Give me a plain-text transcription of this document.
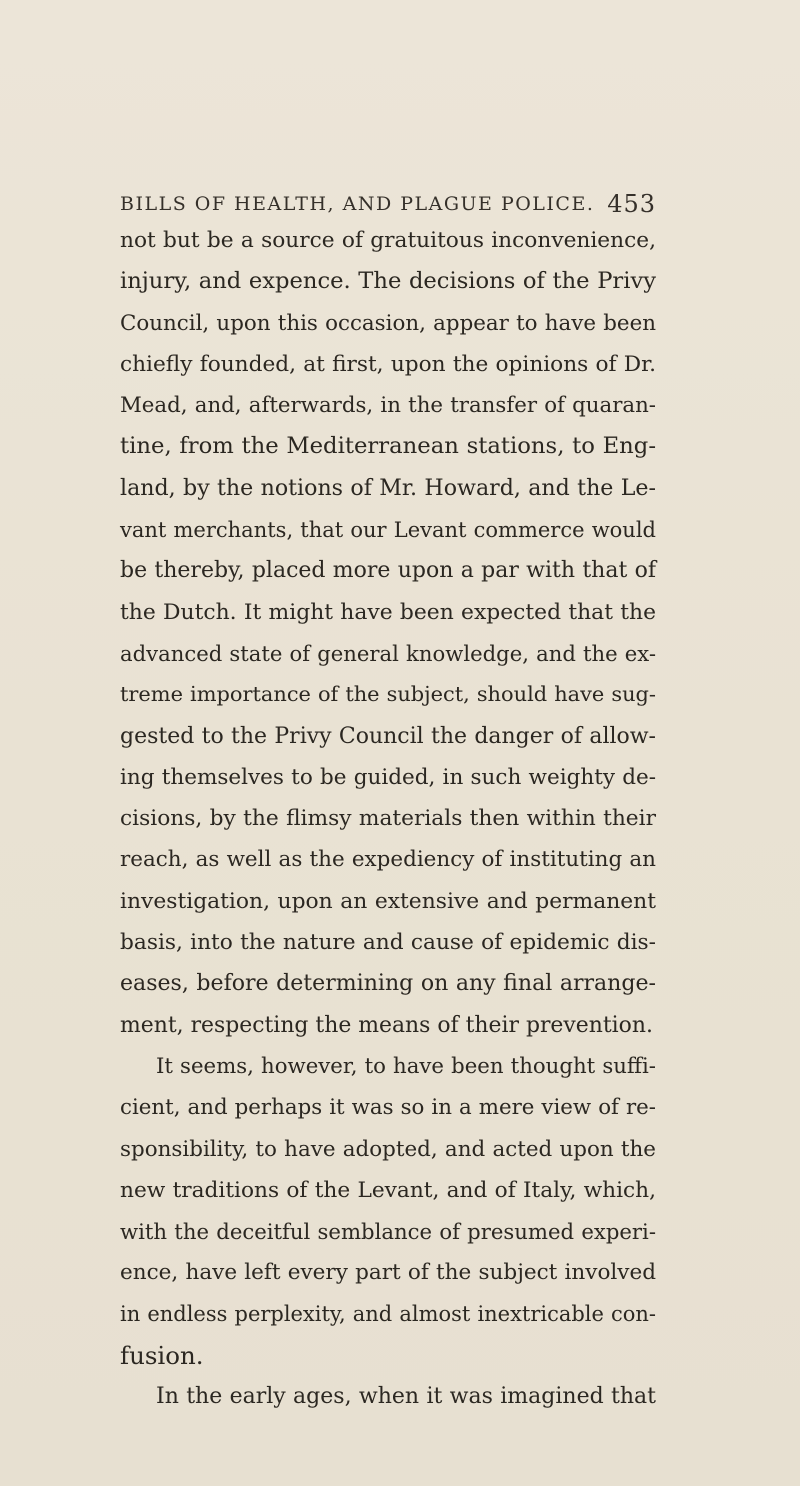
BILLS OF HEALTH, AND PLAGUE POLICE. 453
not but be a source of gratuitous inconvenience,
injury, and expence. The decisions of the Privy
Council, upon this occasion, appear to have been
chiefly founded, at first, upon the opinions of Dr.
Mead, and, afterwards, in the transfer of quaran-
tine, from the Mediterranean stations, to Eng-
land, by the notions of Mr. Howard, and the Le-
vant merchants, that our Levant commerce would
be thereby, placed more upon a par with that of
the Dutch. It might have been expected that the
advanced state of general knowledge, and the ex-
treme importance of the subject, should have sug-
gested to the Privy Council the danger of allow-
ing themselves to be guided, in such weighty de-
cisions, by the flimsy materials then within their
reach, as well as the expediency of instituting an
investigation, upon an extensive and permanent
basis, into the nature and cause of epidemic dis-
eases, before determining on any final arrange-
ment, respecting the means of their prevention.
It seems, however, to have been thought suffi-
cient, and perhaps it was so in a mere view of re-
sponsibility, to have adopted, and acted upon the
new traditions of the Levant, and of Italy, which,
with the deceitful semblance of presumed experi-
ence, have left every part of the subject involved
in endless perplexity, and almost inextricable con-
fusion.
In the early ages, when it was imagined that
